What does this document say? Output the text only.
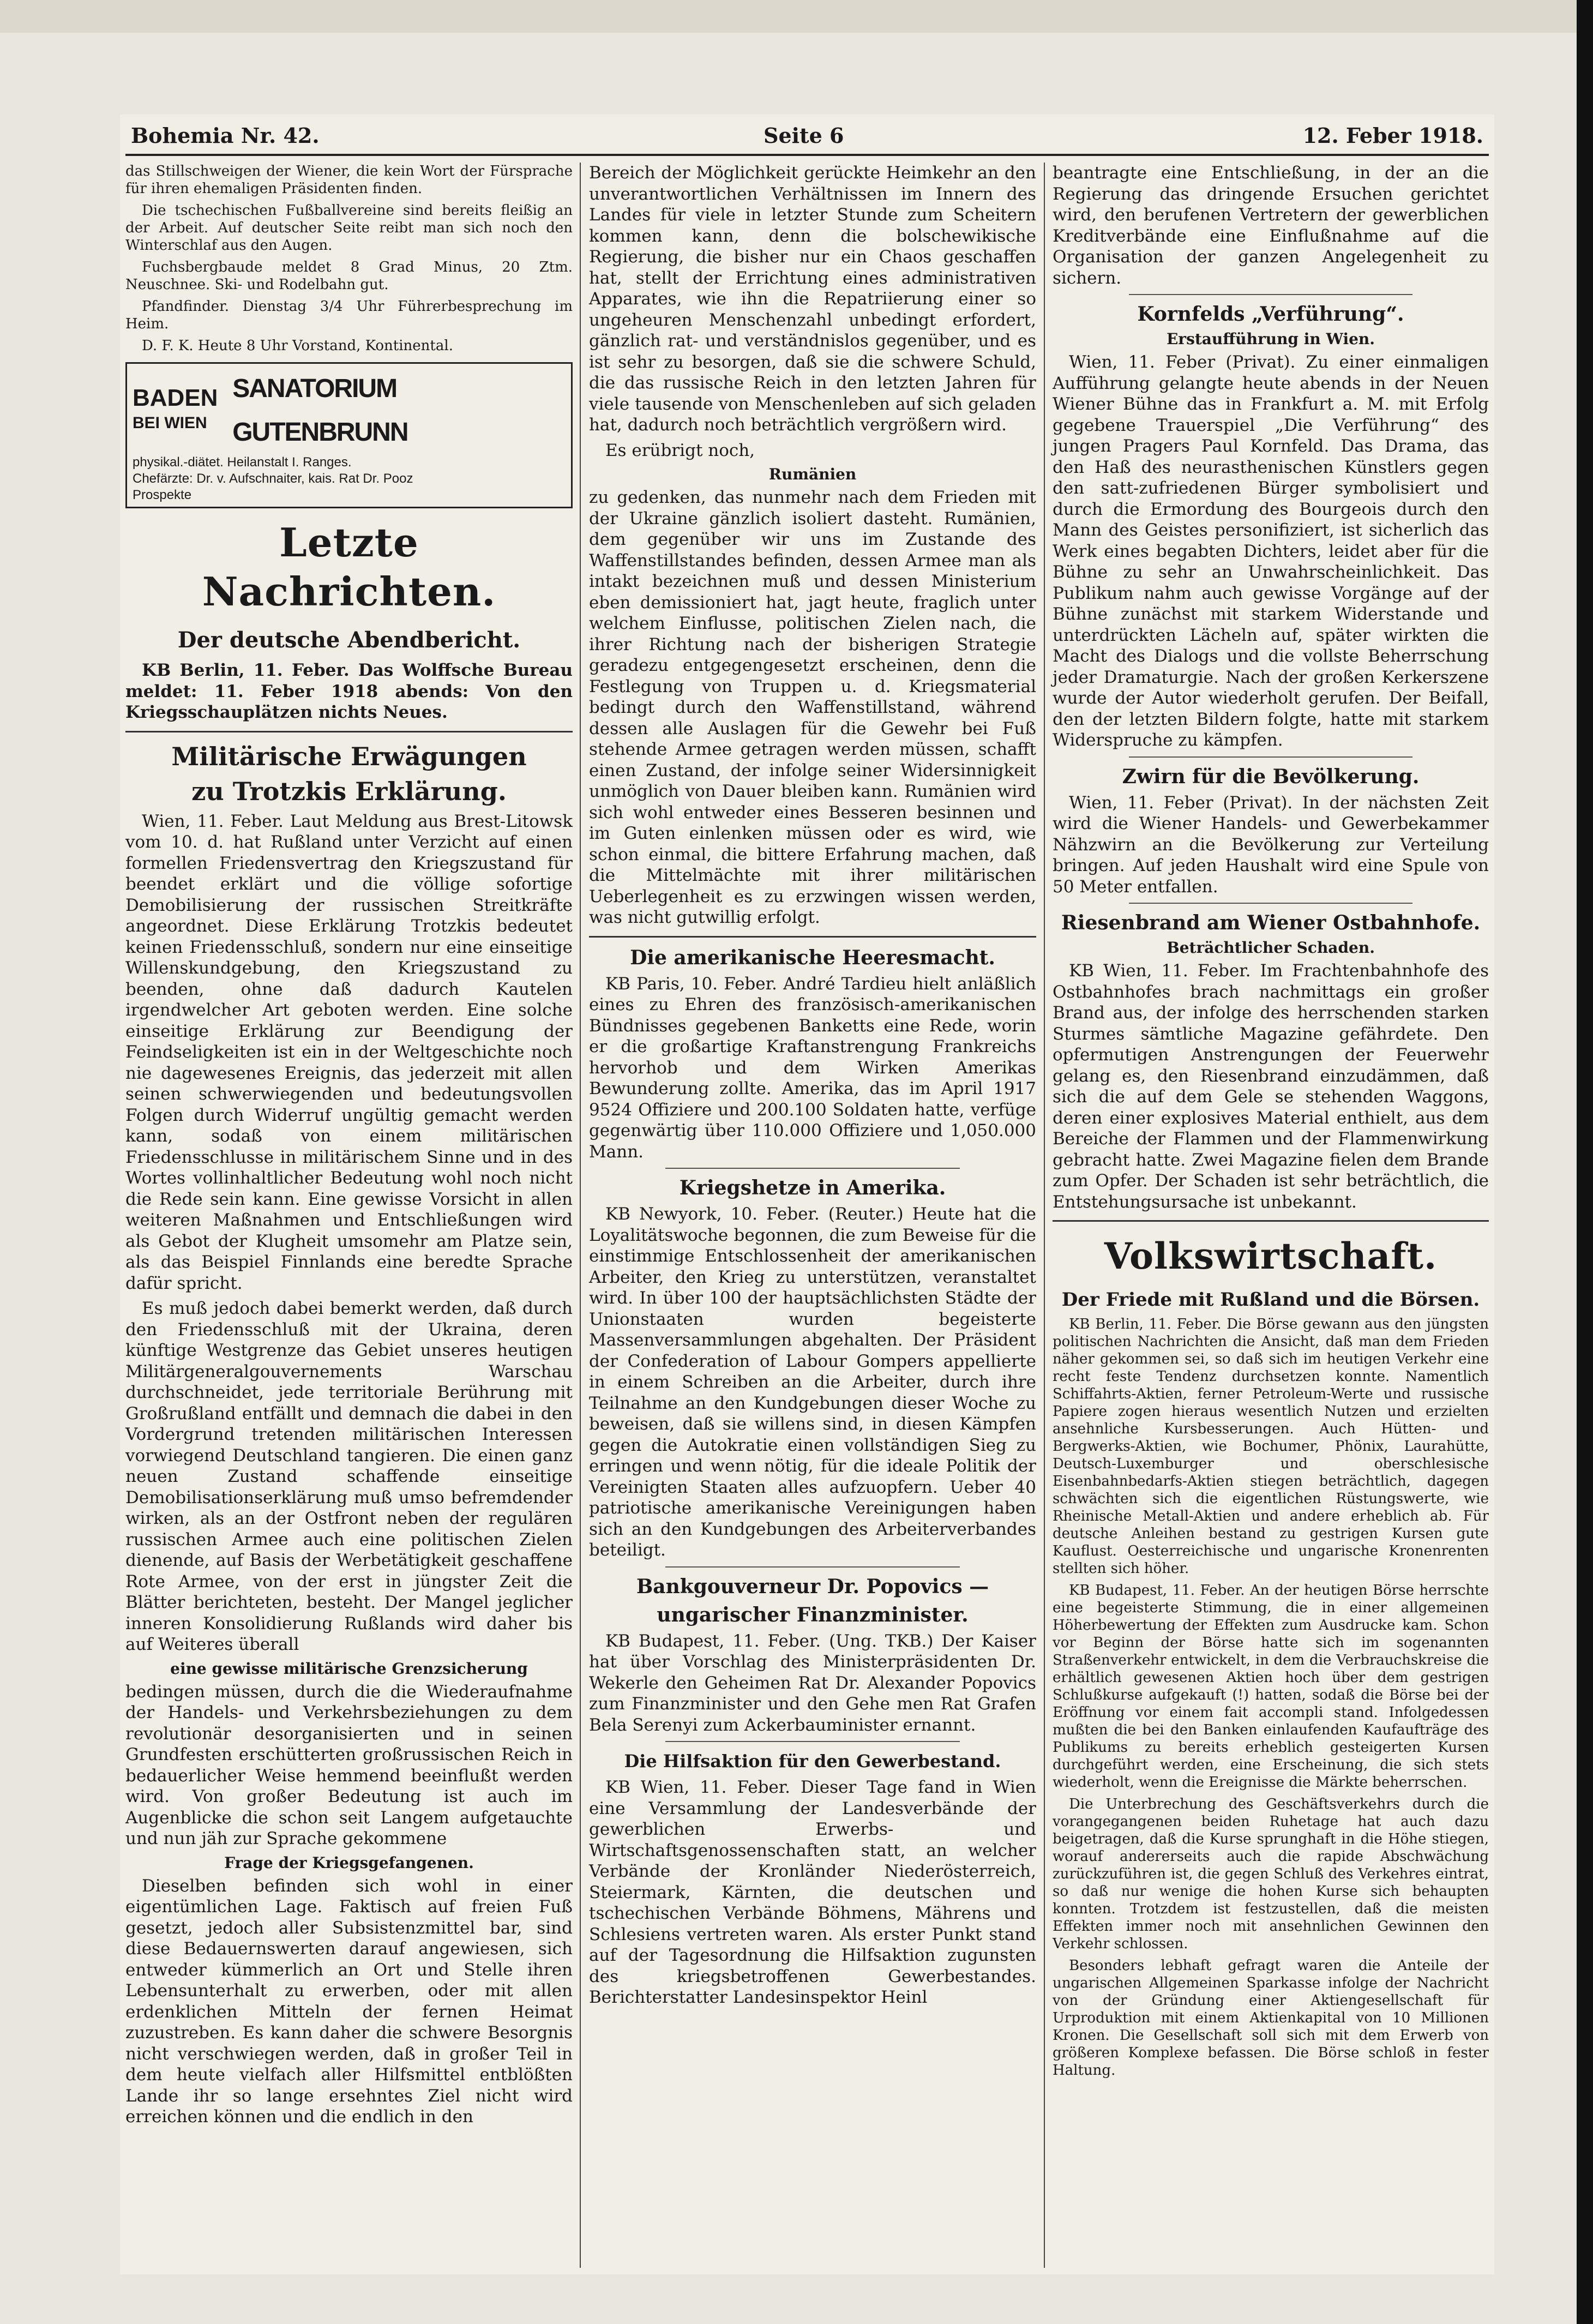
Bohemia Nr. 42.	Seite 6	12. Feber 1918.

das Stillschweigen der Wiener, die kein Wort der Fürsprache für ihren ehemaligen Präsidenten finden.

Die tschechischen Fußballvereine sind bereits fleißig an der Arbeit. Auf deutscher Seite reibt man sich noch den Winterschlaf aus den Augen.

Fuchsbergbaude meldet 8 Grad Minus, 20 Ztm. Neuschnee. Ski- und Rodelbahn gut.

Pfandfinder. Dienstag 3/4 Uhr Führerbesprechung im Heim.

D. F. K. Heute 8 Uhr Vorstand, Kontinental.

BADEN
BEI WIEN
SANATORIUM GUTENBRUNN
physikal.-diätet. Heilanstalt I. Ranges.
Chefärzte: Dr. v. Aufschnaiter, kais. Rat Dr. Pooz
Prospekte
Letzte Nachrichten.
Der deutsche Abendbericht.

KB Berlin, 11. Feber. Das Wolffsche Bureau meldet: 11. Feber 1918 abends: Von den Kriegsschauplätzen nichts Neues.

Militärische Erwägungen
zu Trotzkis Erklärung.

Wien, 11. Feber. Laut Meldung aus Brest-Litowsk vom 10. d. hat Rußland unter Verzicht auf einen formellen Friedensvertrag den Kriegszustand für beendet erklärt und die völlige sofortige Demobilisierung der russischen Streitkräfte angeordnet. Diese Erklärung Trotzkis bedeutet keinen Friedensschluß, sondern nur eine einseitige Willenskundgebung, den Kriegszustand zu beenden, ohne daß dadurch Kautelen irgendwelcher Art geboten werden. Eine solche einseitige Erklärung zur Beendigung der Feindseligkeiten ist ein in der Weltgeschichte noch nie dagewesenes Ereignis, das jederzeit mit allen seinen schwerwiegenden und bedeutungsvollen Folgen durch Widerruf ungültig gemacht werden kann, sodaß von einem militärischen Friedensschlusse in militärischem Sinne und in des Wortes vollinhaltlicher Bedeutung wohl noch nicht die Rede sein kann. Eine gewisse Vorsicht in allen weiteren Maßnahmen und Entschließungen wird als Gebot der Klugheit umsomehr am Platze sein, als das Beispiel Finnlands eine beredte Sprache dafür spricht.

Es muß jedoch dabei bemerkt werden, daß durch den Friedensschluß mit der Ukraina, deren künftige Westgrenze das Gebiet unseres heutigen Militärgeneralgouvernements Warschau durchschneidet, jede territoriale Berührung mit Großrußland entfällt und demnach die dabei in den Vordergrund tretenden militärischen Interessen vorwiegend Deutschland tangieren. Die einen ganz neuen Zustand schaffende einseitige Demobilisationserklärung muß umso befremdender wirken, als an der Ostfront neben der regulären russischen Armee auch eine politischen Zielen dienende, auf Basis der Werbetätigkeit geschaffene Rote Armee, von der erst in jüngster Zeit die Blätter berichteten, besteht. Der Mangel jeglicher inneren Konsolidierung Rußlands wird daher bis auf Weiteres überall

eine gewisse militärische Grenzsicherung

bedingen müssen, durch die die Wiederaufnahme der Handels- und Verkehrsbeziehungen zu dem revolutionär desorganisierten und in seinen Grundfesten erschütterten großrussischen Reich in bedauerlicher Weise hemmend beeinflußt werden wird. Von großer Bedeutung ist auch im Augenblicke die schon seit Langem aufgetauchte und nun jäh zur Sprache gekommene

Frage der Kriegsgefangenen.

Dieselben befinden sich wohl in einer eigentümlichen Lage. Faktisch auf freien Fuß gesetzt, jedoch aller Subsistenzmittel bar, sind diese Bedauernswerten darauf angewiesen, sich entweder kümmerlich an Ort und Stelle ihren Lebensunterhalt zu erwerben, oder mit allen erdenklichen Mitteln der fernen Heimat zuzustreben. Es kann daher die schwere Besorgnis nicht verschwiegen werden, daß in großer Teil in dem heute vielfach aller Hilfsmittel entblößten Lande ihr so lange ersehntes Ziel nicht wird erreichen können und die endlich in den

Bereich der Möglichkeit gerückte Heimkehr an den unverantwortlichen Verhältnissen im Innern des Landes für viele in letzter Stunde zum Scheitern kommen kann, denn die bolschewikische Regierung, die bisher nur ein Chaos geschaffen hat, stellt der Errichtung eines administrativen Apparates, wie ihn die Repatriierung einer so ungeheuren Menschenzahl unbedingt erfordert, gänzlich rat- und verständnislos gegenüber, und es ist sehr zu besorgen, daß sie die schwere Schuld, die das russische Reich in den letzten Jahren für viele tausende von Menschenleben auf sich geladen hat, dadurch noch beträchtlich vergrößern wird.

Es erübrigt noch,

Rumänien

zu gedenken, das nunmehr nach dem Frieden mit der Ukraine gänzlich isoliert dasteht. Rumänien, dem gegenüber wir uns im Zustande des Waffenstillstandes befinden, dessen Armee man als intakt bezeichnen muß und dessen Ministerium eben demissioniert hat, jagt heute, fraglich unter welchem Einflusse, politischen Zielen nach, die ihrer Richtung nach der bisherigen Strategie geradezu entgegengesetzt erscheinen, denn die Festlegung von Truppen u. d. Kriegsmaterial bedingt durch den Waffenstillstand, während dessen alle Auslagen für die Gewehr bei Fuß stehende Armee getragen werden müssen, schafft einen Zustand, der infolge seiner Widersinnigkeit unmöglich von Dauer bleiben kann. Rumänien wird sich wohl entweder eines Besseren besinnen und im Guten einlenken müssen oder es wird, wie schon einmal, die bittere Erfahrung machen, daß die Mittelmächte mit ihrer militärischen Ueberlegenheit es zu erzwingen wissen werden, was nicht gutwillig erfolgt.

Die amerikanische Heeresmacht.

KB Paris, 10. Feber. André Tardieu hielt anläßlich eines zu Ehren des französisch-amerikanischen Bündnisses gegebenen Banketts eine Rede, worin er die großartige Kraftanstrengung Frankreichs hervorhob und dem Wirken Amerikas Bewunderung zollte. Amerika, das im April 1917 9524 Offiziere und 200.100 Soldaten hatte, verfüge gegenwärtig über 110.000 Offiziere und 1,050.000 Mann.

Kriegshetze in Amerika.

KB Newyork, 10. Feber. (Reuter.) Heute hat die Loyalitätswoche begonnen, die zum Beweise für die einstimmige Entschlossenheit der amerikanischen Arbeiter, den Krieg zu unterstützen, veranstaltet wird. In über 100 der hauptsächlichsten Städte der Unionstaaten wurden begeisterte Massenversammlungen abgehalten. Der Präsident der Confederation of Labour Gompers appellierte in einem Schreiben an die Arbeiter, durch ihre Teilnahme an den Kundgebungen dieser Woche zu beweisen, daß sie willens sind, in diesen Kämpfen gegen die Autokratie einen vollständigen Sieg zu erringen und wenn nötig, für die ideale Politik der Vereinigten Staaten alles aufzuopfern. Ueber 40 patriotische amerikanische Vereinigungen haben sich an den Kundgebungen des Arbeiterverbandes beteiligt.

Bankgouverneur Dr. Popovics —
ungarischer Finanzminister.

KB Budapest, 11. Feber. (Ung. TKB.) Der Kaiser hat über Vorschlag des Ministerpräsidenten Dr. Wekerle den Geheimen Rat Dr. Alexander Popovics zum Finanzminister und den Gehe men Rat Grafen Bela Serenyi zum Ackerbauminister ernannt.

Die Hilfsaktion für den Gewerbestand.

KB Wien, 11. Feber. Dieser Tage fand in Wien eine Versammlung der Landesverbände der gewerblichen Erwerbs- und Wirtschaftsgenossenschaften statt, an welcher Verbände der Kronländer Niederösterreich, Steiermark, Kärnten, die deutschen und tschechischen Verbände Böhmens, Mährens und Schlesiens vertreten waren. Als erster Punkt stand auf der Tagesordnung die Hilfsaktion zugunsten des kriegsbetroffenen Gewerbestandes. Berichterstatter Landesinspektor Heinl

beantragte eine Entschließung, in der an die Regierung das dringende Ersuchen gerichtet wird, den berufenen Vertretern der gewerblichen Kreditverbände eine Einflußnahme auf die Organisation der ganzen Angelegenheit zu sichern.

Kornfelds „Verführung“.
Erstaufführung in Wien.

Wien, 11. Feber (Privat). Zu einer einmaligen Aufführung gelangte heute abends in der Neuen Wiener Bühne das in Frankfurt a. M. mit Erfolg gegebene Trauerspiel „Die Verführung“ des jungen Pragers Paul Kornfeld. Das Drama, das den Haß des neurasthenischen Künstlers gegen den satt-zufriedenen Bürger symbolisiert und durch die Ermordung des Bourgeois durch den Mann des Geistes personifiziert, ist sicherlich das Werk eines begabten Dichters, leidet aber für die Bühne zu sehr an Unwahrscheinlichkeit. Das Publikum nahm auch gewisse Vorgänge auf der Bühne zunächst mit starkem Widerstande und unterdrückten Lächeln auf, später wirkten die Macht des Dialogs und die vollste Beherrschung jeder Dramaturgie. Nach der großen Kerkerszene wurde der Autor wiederholt gerufen. Der Beifall, den der letzten Bildern folgte, hatte mit starkem Widerspruche zu kämpfen.

Zwirn für die Bevölkerung.

Wien, 11. Feber (Privat). In der nächsten Zeit wird die Wiener Handels- und Gewerbekammer Nähzwirn an die Bevölkerung zur Verteilung bringen. Auf jeden Haushalt wird eine Spule von 50 Meter entfallen.

Riesenbrand am Wiener Ostbahnhofe.
Beträchtlicher Schaden.

KB Wien, 11. Feber. Im Frachtenbahnhofe des Ostbahnhofes brach nachmittags ein großer Brand aus, der infolge des herrschenden starken Sturmes sämtliche Magazine gefährdete. Den opfermutigen Anstrengungen der Feuerwehr gelang es, den Riesenbrand einzudämmen, daß sich die auf dem Gele se stehenden Waggons, deren einer explosives Material enthielt, aus dem Bereiche der Flammen und der Flammenwirkung gebracht hatte. Zwei Magazine fielen dem Brande zum Opfer. Der Schaden ist sehr beträchtlich, die Entstehungsursache ist unbekannt.

Volkswirtschaft.
Der Friede mit Rußland und die Börsen.

KB Berlin, 11. Feber. Die Börse gewann aus den jüngsten politischen Nachrichten die Ansicht, daß man dem Frieden näher gekommen sei, so daß sich im heutigen Verkehr eine recht feste Tendenz durchsetzen konnte. Namentlich Schiffahrts-Aktien, ferner Petroleum-Werte und russische Papiere zogen hieraus wesentlich Nutzen und erzielten ansehnliche Kursbesserungen. Auch Hütten- und Bergwerks-Aktien, wie Bochumer, Phönix, Laurahütte, Deutsch-Luxemburger und oberschlesische Eisenbahnbedarfs-Aktien stiegen beträchtlich, dagegen schwächten sich die eigentlichen Rüstungswerte, wie Rheinische Metall-Aktien und andere erheblich ab. Für deutsche Anleihen bestand zu gestrigen Kursen gute Kauflust. Oesterreichische und ungarische Kronenrenten stellten sich höher.

KB Budapest, 11. Feber. An der heutigen Börse herrschte eine begeisterte Stimmung, die in einer allgemeinen Höherbewertung der Effekten zum Ausdrucke kam. Schon vor Beginn der Börse hatte sich im sogenannten Straßenverkehr entwickelt, in dem die Verbrauchskreise die erhältlich gewesenen Aktien hoch über dem gestrigen Schlußkurse aufgekauft (!) hatten, sodaß die Börse bei der Eröffnung vor einem fait accompli stand. Infolgedessen mußten die bei den Banken einlaufenden Kaufaufträge des Publikums zu bereits erheblich gesteigerten Kursen durchgeführt werden, eine Erscheinung, die sich stets wiederholt, wenn die Ereignisse die Märkte beherrschen.

Die Unterbrechung des Geschäftsverkehrs durch die vorangegangenen beiden Ruhetage hat auch dazu beigetragen, daß die Kurse sprunghaft in die Höhe stiegen, worauf andererseits auch die rapide Abschwächung zurückzuführen ist, die gegen Schluß des Verkehres eintrat, so daß nur wenige die hohen Kurse sich behaupten konnten. Trotzdem ist festzustellen, daß die meisten Effekten immer noch mit ansehnlichen Gewinnen den Verkehr schlossen.

Besonders lebhaft gefragt waren die Anteile der ungarischen Allgemeinen Sparkasse infolge der Nachricht von der Gründung einer Aktiengesellschaft für Urproduktion mit einem Aktienkapital von 10 Millionen Kronen. Die Gesellschaft soll sich mit dem Erwerb von größeren Komplexe befassen. Die Börse schloß in fester Haltung.
